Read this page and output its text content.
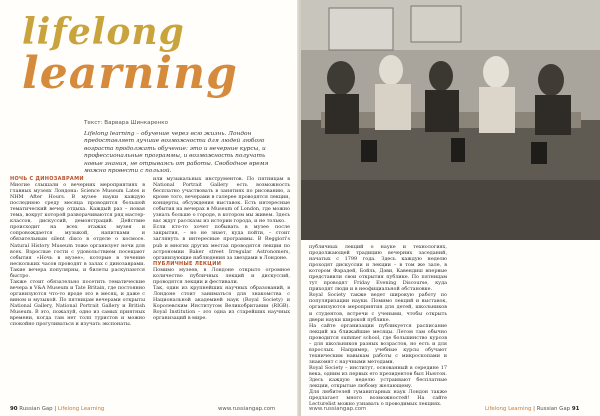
lifelong
learning
Текст: Варвара Шинкаренко
Lifelong learning – обучение через всю жизнь. Лондон предоставляет лучшие возможности для людей любого возраста продолжать обучение: это и вечерние курсы, и профессиональные программы, и возможность получать новые знания, не отрываясь от работы. Свободное время можно провести с пользой.

НОЧЬ С ДИНОЗАВРАМИ

Многие слышали о вечерних мероприятиях в главных музеях Лондона: Science Museum Lates и NHM After Hours. В музее науки каждую последнюю среду месяца проводится большой тематический вечер отдыха. Каждый раз – новая тема, вокруг которой разворачиваются ряд мастер-классов, дискуссий, демонстраций. Действие происходит на всех этажах музея и сопровождается музыкой, напитками и обязательным silent disco в отделе о космосе. Natural History Museum тоже организует ночи для всех. Взрослые гости с удовольствием посещают события «Ночь в музее», которые в течение нескольких часов проводят в залах с динозаврами. Такие вечера популярны, и билеты раскупаются быстро.

Также стоит обязательно посетить тематические вечера в V&A Museum и Tate Britain, где постоянно организуются что-то вроде это в месяц, и даже с вином и музыкой. По пятницам вечерами открыты National Gallery, National Portrait Gallery и British Museum. В это, пожалуй, одно из самых приятных времени, когда там нет толп туристов и можно спокойно прогуливаться и изучать экспонаты.

или музыкальных инструментов. По пятницам в National Portrait Gallery есть возможность бесплатно участвовать в занятиях по рисованию, а кроме того, вечерами в галерее проводятся лекции, концерты, обсуждения выставок. Есть интересные события на вечерах в Museum of London, где можно узнать больше о городе, в котором мы живем. Здесь вас ждут рассказы из истории города, и не только.

Если кто-то хочет побывать в музее после закрытия, – но не знает, куда пойти, – стоит заглянуть в интересные программы. В Reggiori's pub и многих других местах проводятся лекции по астрономии Baker street Irregular Astronomers, организующие наблюдения за звездами в Лондоне.

ПУБЛИЧНЫЕ ЛЕКЦИИ

Помимо музеев, в Лондоне открыто огромное количество публичных лекций и дискуссий, проводятся лекции и фестивали.

Так, один из крупнейших научных образований, в Лондоне стоит заниматься для знакомства с Национальной академией наук (Royal Society) и Королевским Институтом Великобритании (RIGB). Royal Institution – это одна из старейших научных организаций в мире.

90 Russian Gap | Lifelong Learning	www.russiangap.com

публичных лекций о науке и технологиях, продолжающей традицию вечерних заседаний, начатых с 1799 года. Здесь каждую неделю проходят дискуссии и лекции – в том же зале, в котором Фарадей, Бойль, Дэви, Кавендиш впервые представили свои открытия публике. По пятницам тут проводят Friday Evening Discourse, куда приходят люди и в неофициальной обстановке.

Royal Society также ведет широкую работу по популяризации науки. Помимо лекций и выставок, организуются мероприятия для детей, школьников и студентов, встречи с учеными, чтобы открыть двери науки широкой публике.

На сайте организации публикуется расписание лекций на ближайшие месяцы. Летом там обычно проводится summer school, где большинство курсов – для школьников разных возрастов, но есть и для взрослых. Например, учебные курсы обучают техническим навыкам работы с микроскопами и знакомят с научными методами.

Royal Society – институт, основанный в середине 17 века, одним из первых его президентов был Ньютон. Здесь каждую неделю устраивают бесплатные лекции, открытые любому желающему.

Для любителей гуманитарных наук Лондон также предлагает много возможностей! На сайте Lecturelist можно узнавать о проводимых лекциях.

www.russiangap.com	Lifelong Learning | Russian Gap 91
